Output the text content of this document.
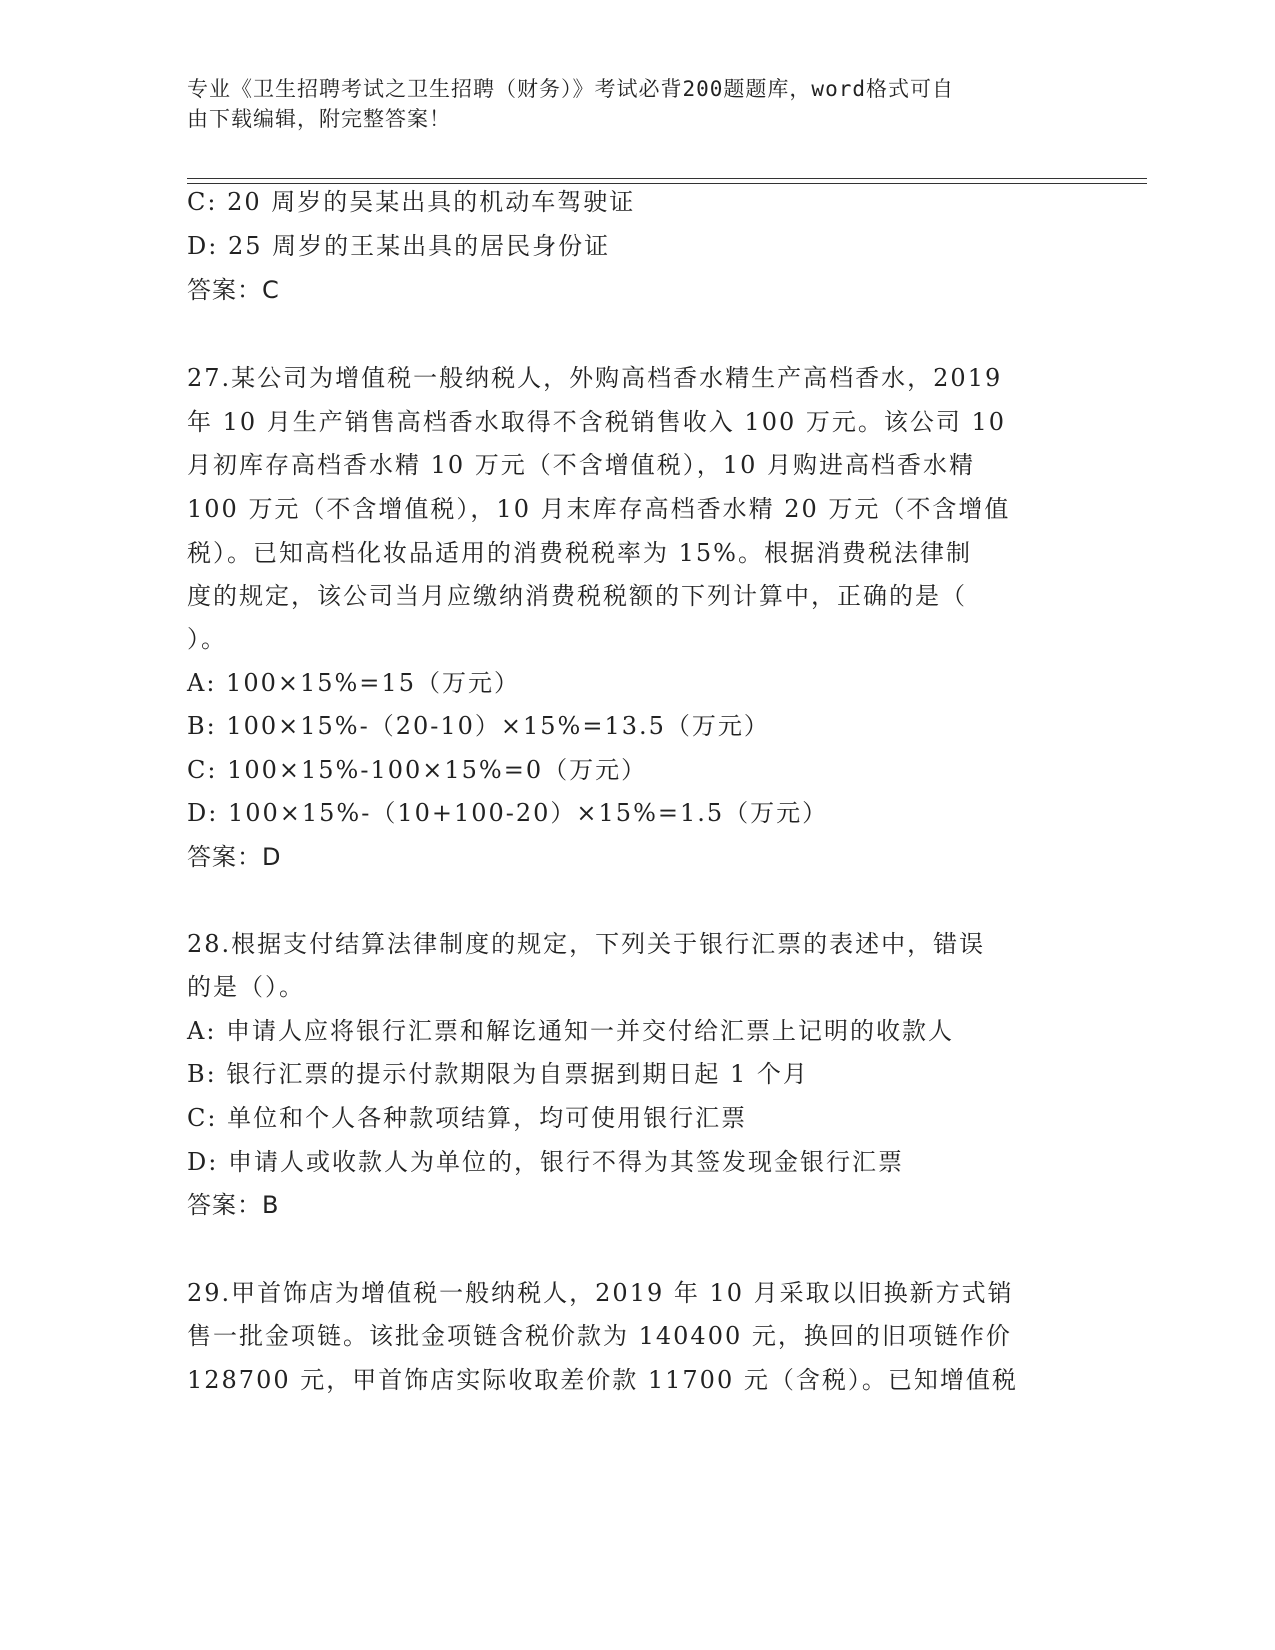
专业《卫生招聘考试之卫生招聘（财务）》考试必背200题题库，word格式可自
由下载编辑，附完整答案！
C: 20 周岁的吴某出具的机动车驾驶证
D: 25 周岁的王某出具的居民身份证
答案：C
27.某公司为增值税一般纳税人，外购高档香水精生产高档香水，2019
年 10 月生产销售高档香水取得不含税销售收入 100 万元。该公司 10
月初库存高档香水精 10 万元（不含增值税），10 月购进高档香水精
100 万元（不含增值税），10 月末库存高档香水精 20 万元（不含增值
税）。已知高档化妆品适用的消费税税率为 15%。根据消费税法律制
度的规定，该公司当月应缴纳消费税税额的下列计算中，正确的是（
）。
A: 100×15%=15（万元）
B: 100×15%-（20-10）×15%=13.5（万元）
C: 100×15%-100×15%=0（万元）
D: 100×15%-（10+100-20）×15%=1.5（万元）
答案：D
28.根据支付结算法律制度的规定，下列关于银行汇票的表述中，错误
的是（）。
A: 申请人应将银行汇票和解讫通知一并交付给汇票上记明的收款人
B: 银行汇票的提示付款期限为自票据到期日起 1 个月
C: 单位和个人各种款项结算，均可使用银行汇票
D: 申请人或收款人为单位的，银行不得为其签发现金银行汇票
答案：B
29.甲首饰店为增值税一般纳税人，2019 年 10 月采取以旧换新方式销
售一批金项链。该批金项链含税价款为 140400 元，换回的旧项链作价
128700 元，甲首饰店实际收取差价款 11700 元（含税）。已知增值税
